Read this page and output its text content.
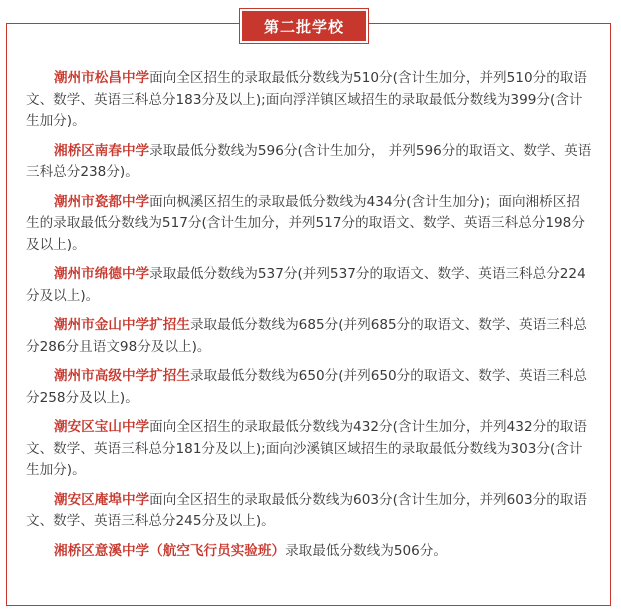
第二批学校

潮州市松昌中学面向全区招生的录取最低分数线为510分(含计生加分，并列510分的取语文、数学、英语三科总分183分及以上);面向浮洋镇区域招生的录取最低分数线为399分(含计生加分)。

湘桥区南春中学录取最低分数线为596分(含计生加分， 并列596分的取语文、数学、英语三科总分238分)。

潮州市瓷都中学面向枫溪区招生的录取最低分数线为434分(含计生加分)；面向湘桥区招生的录取最低分数线为517分(含计生加分，并列517分的取语文、数学、英语三科总分198分及以上)。

潮州市绵德中学录取最低分数线为537分(并列537分的取语文、数学、英语三科总分224分及以上)。

潮州市金山中学扩招生录取最低分数线为685分(并列685分的取语文、数学、英语三科总分286分且语文98分及以上)。

潮州市高级中学扩招生录取最低分数线为650分(并列650分的取语文、数学、英语三科总分258分及以上)。

潮安区宝山中学面向全区招生的录取最低分数线为432分(含计生加分，并列432分的取语文、数学、英语三科总分181分及以上);面向沙溪镇区域招生的录取最低分数线为303分(含计生加分)。

潮安区庵埠中学面向全区招生的录取最低分数线为603分(含计生加分，并列603分的取语文、数学、英语三科总分245分及以上)。

湘桥区意溪中学（航空飞行员实验班）录取最低分数线为506分。
